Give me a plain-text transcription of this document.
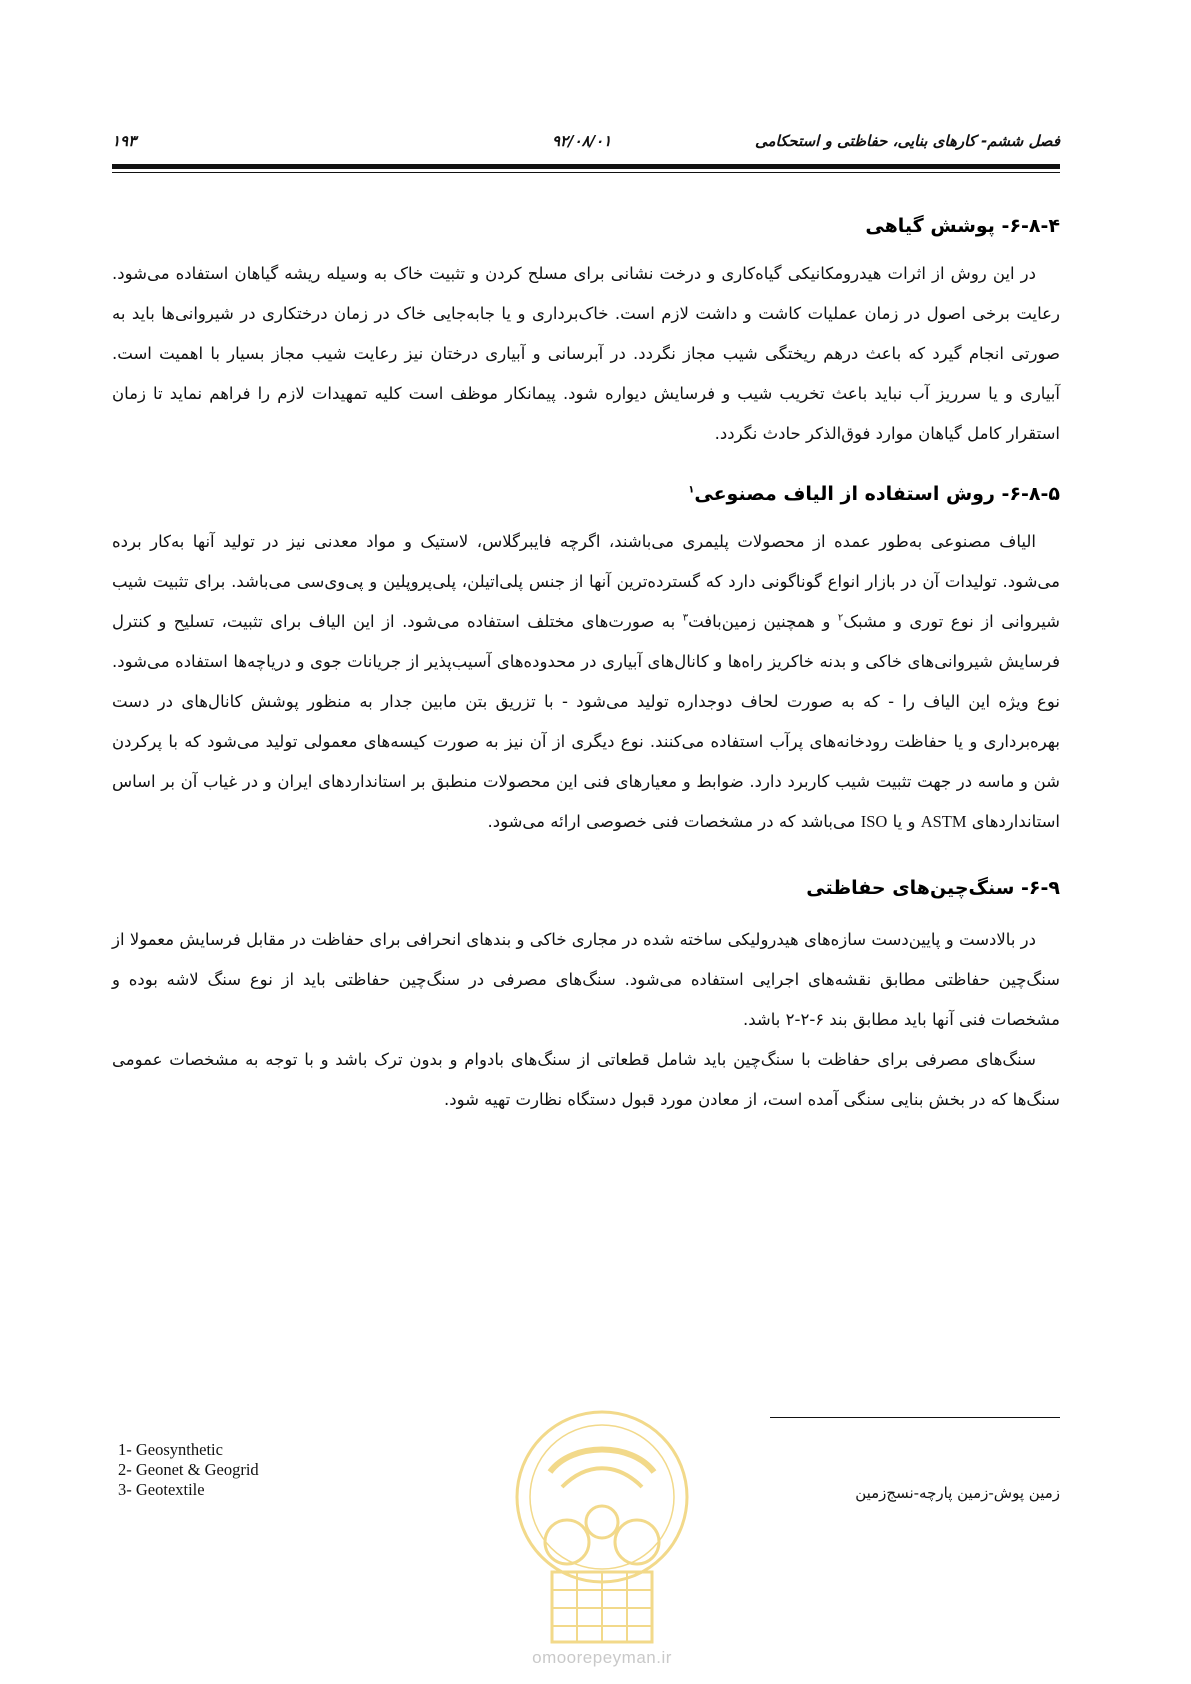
فصل ششم- کارهای بنایی، حفاظتی و استحکامی
۹۲/۰۸/۰۱
۱۹۳
۶-۸-۴- پوشش گیاهی

در این روش از اثرات هیدرومکانیکی گیاه‌کاری و درخت نشانی برای مسلح کردن و تثبیت خاک به وسیله ریشه گیاهان استفاده می‌شود. رعایت برخی اصول در زمان عملیات کاشت و داشت لازم است. خاک‌برداری و یا جابه‌جایی خاک در زمان درختکاری در شیروانی‌ها باید به صورتی انجام گیرد که باعث درهم ریختگی شیب مجاز نگردد. در آبرسانی و آبیاری درختان نیز رعایت شیب مجاز بسیار با اهمیت است. آبیاری و یا سرریز آب نباید باعث تخریب شیب و فرسایش دیواره شود. پیمانکار موظف است کلیه تمهیدات لازم را فراهم نماید تا زمان استقرار کامل گیاهان موارد فوق‌الذکر حادث نگردد.

۶-۸-۵- روش استفاده از الیاف مصنوعی$^۱$

الیاف مصنوعی به‌طور عمده از محصولات پلیمری می‌باشند، اگرچه فایبرگلاس، لاستیک و مواد معدنی نیز در تولید آنها به‌کار برده می‌شود. تولیدات آن در بازار انواع گوناگونی دارد که گسترده‌ترین آنها از جنس پلی‌اتیلن، پلی‌پروپلین و پی‌وی‌سی می‌باشد. برای تثبیت شیب شیروانی از نوع توری و مشبک$^۲$ و همچنین زمین‌بافت$^۳$ به صورت‌های مختلف استفاده می‌شود. از این الیاف برای تثبیت، تسلیح و کنترل فرسایش شیروانی‌های خاکی و بدنه خاکریز راه‌ها و کانال‌های آبیاری در محدوده‌های آسیب‌پذیر از جریانات جوی و دریاچه‌ها استفاده می‌شود. نوع ویژه این الیاف را - که به صورت لحاف دوجداره تولید می‌شود - با تزریق بتن مابین جدار به منظور پوشش کانال‌های در دست بهره‌برداری و یا حفاظت رودخانه‌های پرآب استفاده می‌کنند. نوع دیگری از آن نیز به صورت کیسه‌های معمولی تولید می‌شود که با پرکردن شن و ماسه در جهت تثبیت شیب کاربرد دارد. ضوابط و معیارهای فنی این محصولات منطبق بر استانداردهای ایران و در غیاب آن بر اساس استانداردهای ASTM و یا ISO می‌باشد که در مشخصات فنی خصوصی ارائه می‌شود.

۶-۹- سنگ‌چین‌های حفاظتی

در بالادست و پایین‌دست سازه‌های هیدرولیکی ساخته شده در مجاری خاکی و بندهای انحرافی برای حفاظت در مقابل فرسایش معمولا از سنگ‌چین حفاظتی مطابق نقشه‌های اجرایی استفاده می‌شود. سنگ‌های مصرفی در سنگ‌چین حفاظتی باید از نوع سنگ لاشه بوده و مشخصات فنی آنها باید مطابق بند ۶-۲-۲ باشد.

سنگ‌های مصرفی برای حفاظت با سنگ‌چین باید شامل قطعاتی از سنگ‌های بادوام و بدون ترک باشد و با توجه به مشخصات عمومی سنگ‌ها که در بخش بنایی سنگی آمده است، از معادن مورد قبول دستگاه نظارت تهیه شود.

1- Geosynthetic
2- Geonet & Geogrid
3- Geotextile	زمین پوش-زمین پارچه-نسج‌زمین
omoorepeyman.ir
